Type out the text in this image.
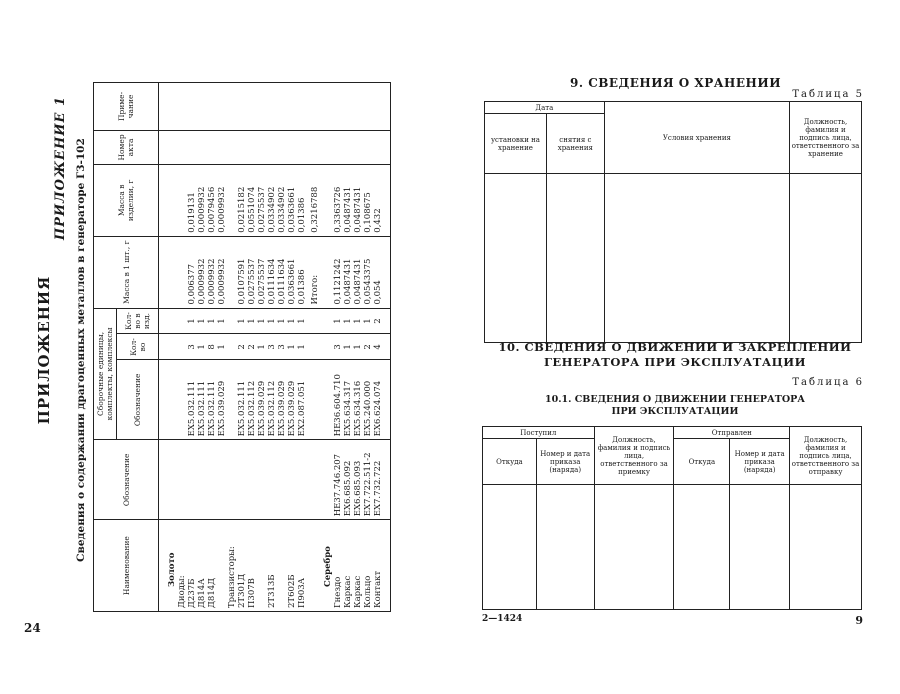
ПРИЛОЖЕНИЯ
ПРИЛОЖЕНИЕ 1 Сведения о содержании драгоценных металлов в генераторе Г3-102
Наименование	Обозначение	Сборочные единицы, комплекты, комплексы			Масса в 1 шт., г	Масса в изделии, г	Номер акта	Приме-чание
		Обозначение	Кол-во	Кол-во в изд.				

Золото								
Диоды:								
Д237Б		ЕХ5.032.111	3	1	0,006377	0,019131		
Д814А		ЕХ5.032.111	1	1	0,0009932	0,0009932		
Д814Д		ЕХ5.032.111	8	1	0,0009932	0,0079456		
		ЕХ5.039.029	1	1	0,0009932	0,0009932		
Транзисторы:								
2Т301Д		ЕХ5.032.111	2	1	0,0107591	0,0215182		
П307В		ЕХ5.032.112	2	1	0,0275537	0,0551074		
		ЕХ5.039.029	1	1	0,0275537	0,0275537		
2Т313Б		ЕХ5.032.112	3	1	0,0111634	0,0334902		
		ЕХ5.039.029	3	1	0,0111634	0,0334902		
2Т602Б		ЕХ5.039.029	1	1	0,0363661	0,0363661		
П903А		ЕХ2.087.051	1	1	0,01386	0,01386		
					Итого:	0,3216788		
Серебро								
Гнездо	НЕ37.746.207	НЕ36.604.710	3	1	0,1121242	0,3363726		
Каркас	ЕХ6.685.092	ЕХ5.634.317	1	1	0,0487431	0,0487431		
Каркас	ЕХ6.685.093	ЕХ5.634.316	1	1	0,0487431	0,0487431		
Кольцо	ЕХ7.722.511-2	ЕХ5.240.000	2	1	0,0543375	0,108675		
Контакт	ЕХ7.732.722	ЕХ6.624.074	4	2	0,054	0,432		

24
9. СВЕДЕНИЯ О ХРАНЕНИИ
Таблица 5
Дата		Условия хранения	Должность, фамилия и подпись лица, ответственного за хранение
установки на хранение	снятия с хранения		

10. СВЕДЕНИЯ О ДВИЖЕНИИ И ЗАКРЕПЛЕНИИ
ГЕНЕРАТОРА ПРИ ЭКСПЛУАТАЦИИ
Таблица 6
10.1. СВЕДЕНИЯ О ДВИЖЕНИИ ГЕНЕРАТОРА
ПРИ ЭКСПЛУАТАЦИИ
Поступил		Должность, фамилия и подпись лица, ответственного за приемку	Отправлен		Должность, фамилия и подпись лица, ответственного за отправку
Откуда	Номер и дата приказа (наряда)		Откуда	Номер и дата приказа (наряда)	

2—1424	9
